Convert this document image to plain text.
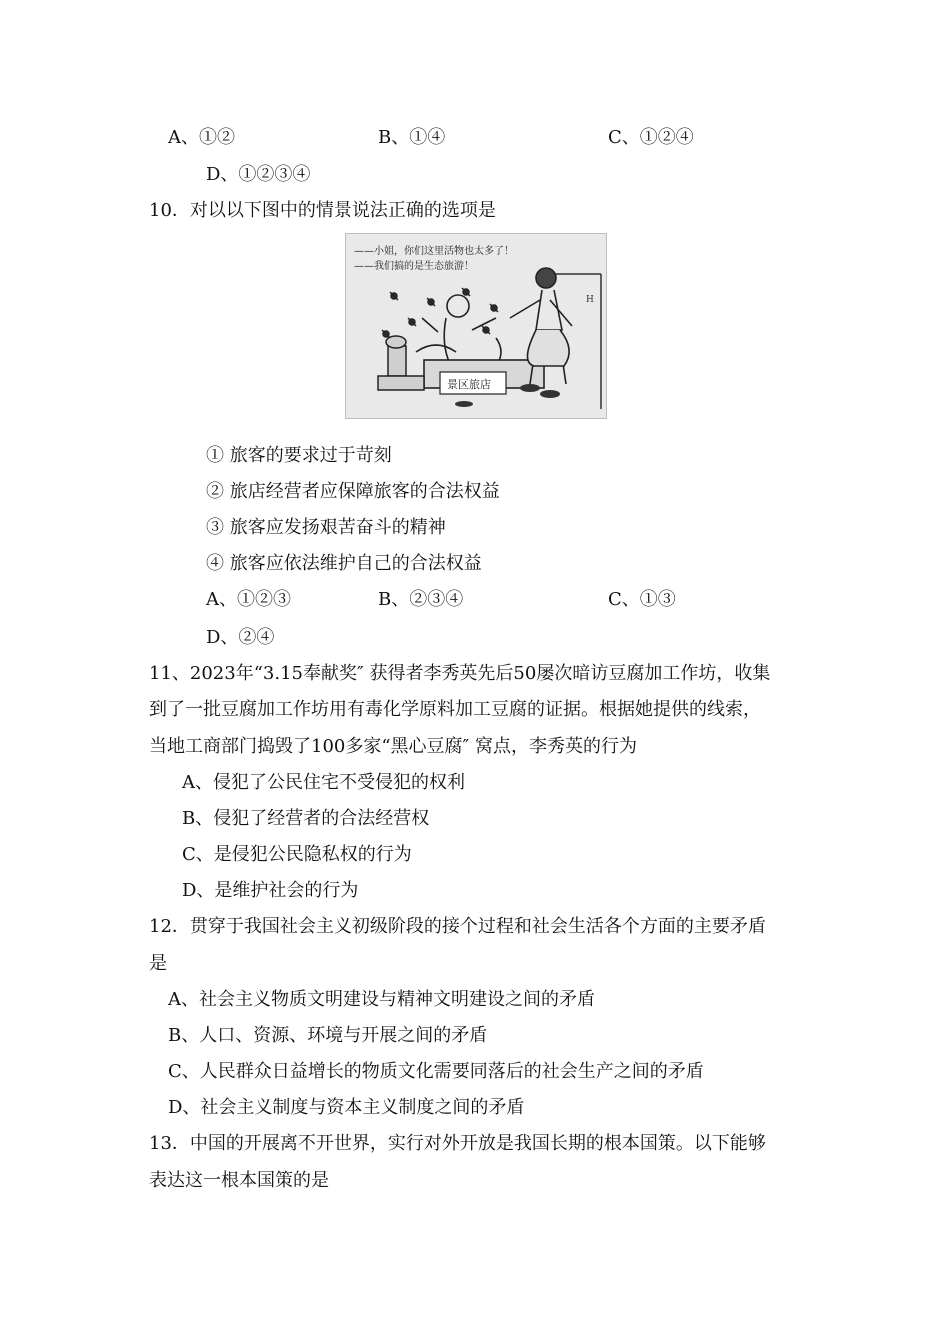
A、①②	B、①④	C、①②④
D、①②③④
10．对以以下图中的情景说法正确的选项是
——小姐，你们这里活物也太多了！
——我们搞的是生态旅游！
H
景区旅店
① 旅客的要求过于苛刻
② 旅店经营者应保障旅客的合法权益
③ 旅客应发扬艰苦奋斗的精神
④ 旅客应依法维护自己的合法权益
A、①②③	B、②③④	C、①③
D、②④
11、2023年“3.15奉献奖″ 获得者李秀英先后50屡次暗访豆腐加工作坊，收集
到了一批豆腐加工作坊用有毒化学原料加工豆腐的证据。根据她提供的线索，
当地工商部门捣毁了100多家“黑心豆腐″ 窝点，李秀英的行为
A、侵犯了公民住宅不受侵犯的权利
B、侵犯了经营者的合法经营权
C、是侵犯公民隐私权的行为
D、是维护社会的行为
12．贯穿于我国社会主义初级阶段的接个过程和社会生活各个方面的主要矛盾
是
A、社会主义物质文明建设与精神文明建设之间的矛盾
B、人口、资源、环境与开展之间的矛盾
C、人民群众日益增长的物质文化需要同落后的社会生产之间的矛盾
D、社会主义制度与资本主义制度之间的矛盾
13．中国的开展离不开世界，实行对外开放是我国长期的根本国策。以下能够
表达这一根本国策的是
